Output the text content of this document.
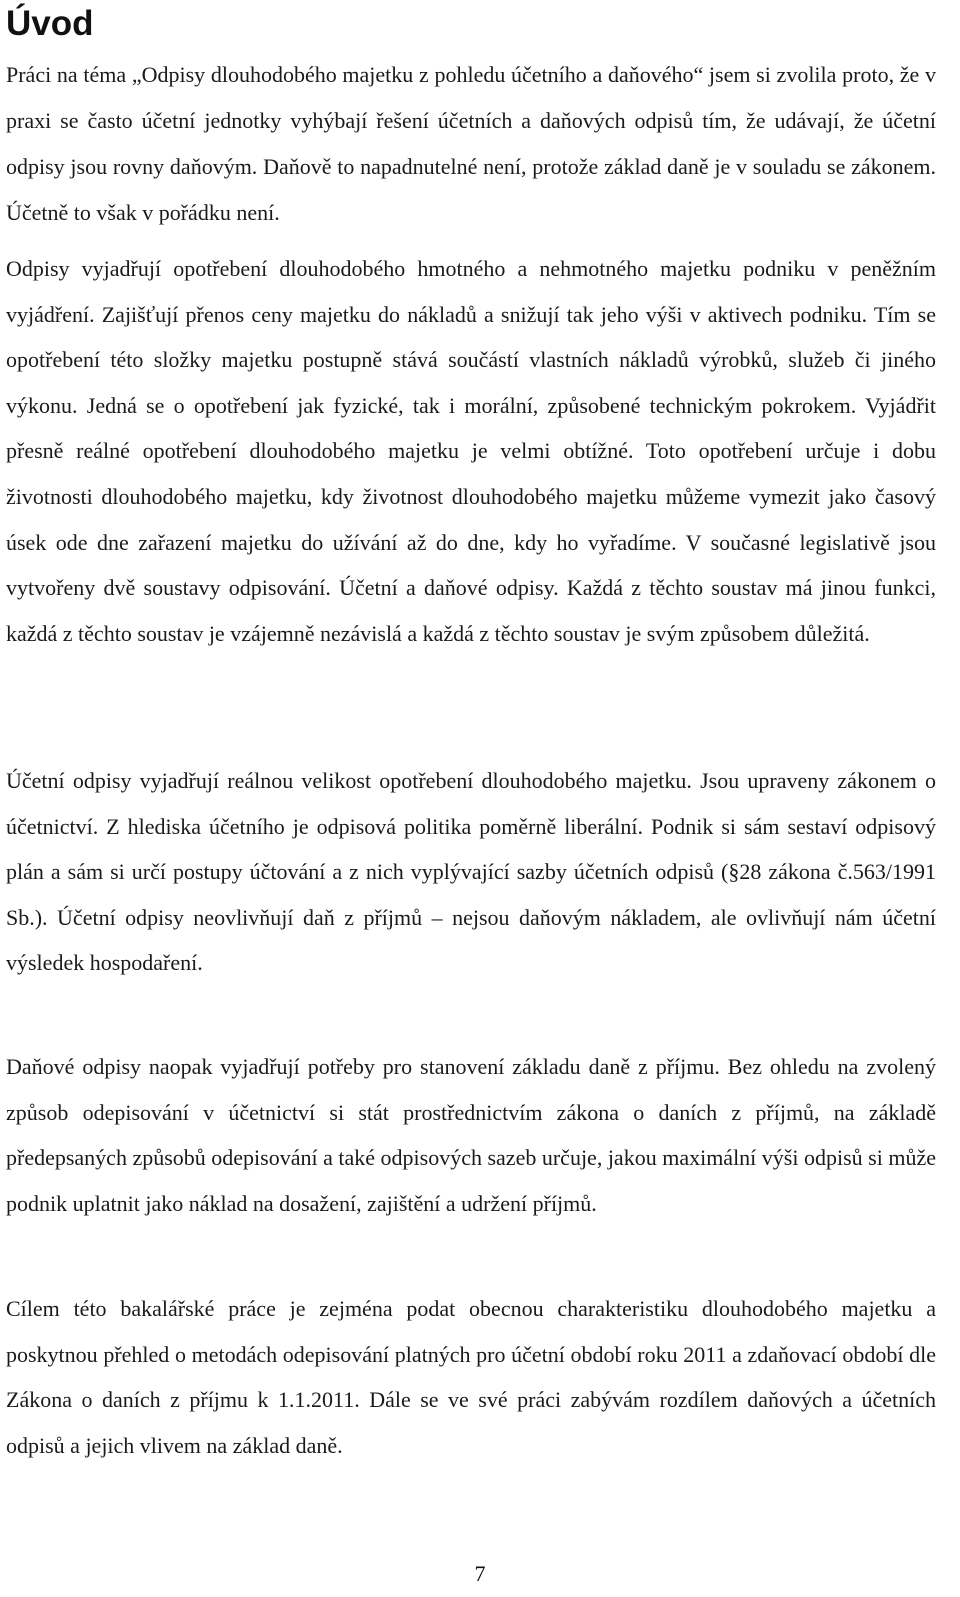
Úvod

Práci na téma „Odpisy dlouhodobého majetku z pohledu účetního a daňového“ jsem si zvolila proto, že v praxi se často účetní jednotky vyhýbají řešení účetních a daňových odpisů tím, že udávají, že účetní odpisy jsou rovny daňovým. Daňově to napadnutelné není, protože základ daně je v souladu se zákonem. Účetně to však v pořádku není.

Odpisy vyjadřují opotřebení dlouhodobého hmotného a nehmotného majetku podniku v peněžním vyjádření. Zajišťují přenos ceny majetku do nákladů a snižují tak jeho výši v aktivech podniku. Tím se opotřebení této složky majetku postupně stává součástí vlastních nákladů výrobků, služeb či jiného výkonu. Jedná se o opotřebení jak fyzické, tak i morální, způsobené technickým pokrokem. Vyjádřit přesně reálné opotřebení dlouhodobého majetku je velmi obtížné. Toto opotřebení určuje i dobu životnosti dlouhodobého majetku, kdy životnost dlouhodobého majetku můžeme vymezit jako časový úsek ode dne zařazení majetku do užívání až do dne, kdy ho vyřadíme. V současné legislativě jsou vytvořeny dvě soustavy odpisování. Účetní a daňové odpisy. Každá z těchto soustav má jinou funkci, každá z těchto soustav je vzájemně nezávislá a každá z těchto soustav je svým způsobem důležitá.

Účetní odpisy vyjadřují reálnou velikost opotřebení dlouhodobého majetku. Jsou upraveny zákonem o účetnictví. Z hlediska účetního je odpisová politika poměrně liberální. Podnik si sám sestaví odpisový plán a sám si určí postupy účtování a z nich vyplývající sazby účetních odpisů (§28 zákona č.563/1991 Sb.). Účetní odpisy neovlivňují daň z příjmů – nejsou daňovým nákladem, ale ovlivňují nám účetní výsledek hospodaření.

Daňové odpisy naopak vyjadřují potřeby pro stanovení základu daně z příjmu. Bez ohledu na zvolený způsob odepisování v účetnictví si stát prostřednictvím zákona o daních z příjmů, na základě předepsaných způsobů odepisování a také odpisových sazeb určuje, jakou maximální výši odpisů si může podnik uplatnit jako náklad na dosažení, zajištění a udržení příjmů.

Cílem této bakalářské práce je zejména podat obecnou charakteristiku dlouhodobého majetku a poskytnou přehled o metodách odepisování platných pro účetní období roku 2011 a zdaňovací období dle Zákona o daních z příjmu k 1.1.2011. Dále se ve své práci zabývám rozdílem daňových a účetních odpisů a jejich vlivem na základ daně.

7
